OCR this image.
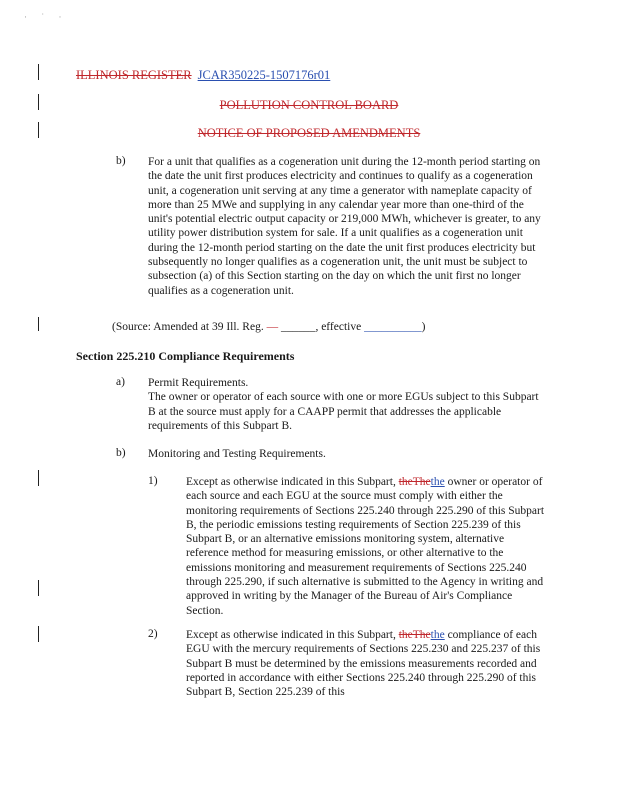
· ˙ ·
ILLINOIS REGISTER JCAR350225-1507176r01
POLLUTION CONTROL BOARD
NOTICE OF PROPOSED AMENDMENTS
b) For a unit that qualifies as a cogeneration unit during the 12-month period starting on the date the unit first produces electricity and continues to qualify as a cogeneration unit, a cogeneration unit serving at any time a generator with nameplate capacity of more than 25 MWe and supplying in any calendar year more than one-third of the unit's potential electric output capacity or 219,000 MWh, whichever is greater, to any utility power distribution system for sale. If a unit qualifies as a cogeneration unit during the 12-month period starting on the date the unit first produces electricity but subsequently no longer qualifies as a cogeneration unit, the unit must be subject to subsection (a) of this Section starting on the day on which the unit first no longer qualifies as a cogeneration unit.
(Source: Amended at 39 Ill. Reg. — ______, effective __________)
Section 225.210 Compliance Requirements
a) Permit Requirements.
The owner or operator of each source with one or more EGUs subject to this Subpart B at the source must apply for a CAAPP permit that addresses the applicable requirements of this Subpart B.
b) Monitoring and Testing Requirements.
1) Except as otherwise indicated in this Subpart, theThethe owner or operator of each source and each EGU at the source must comply with either the monitoring requirements of Sections 225.240 through 225.290 of this Subpart B, the periodic emissions testing requirements of Section 225.239 of this Subpart B, or an alternative emissions monitoring system, alternative reference method for measuring emissions, or other alternative to the emissions monitoring and measurement requirements of Sections 225.240 through 225.290, if such alternative is submitted to the Agency in writing and approved in writing by the Manager of the Bureau of Air's Compliance Section.
2) Except as otherwise indicated in this Subpart, theThethe compliance of each EGU with the mercury requirements of Sections 225.230 and 225.237 of this Subpart B must be determined by the emissions measurements recorded and reported in accordance with either Sections 225.240 through 225.290 of this Subpart B, Section 225.239 of this
